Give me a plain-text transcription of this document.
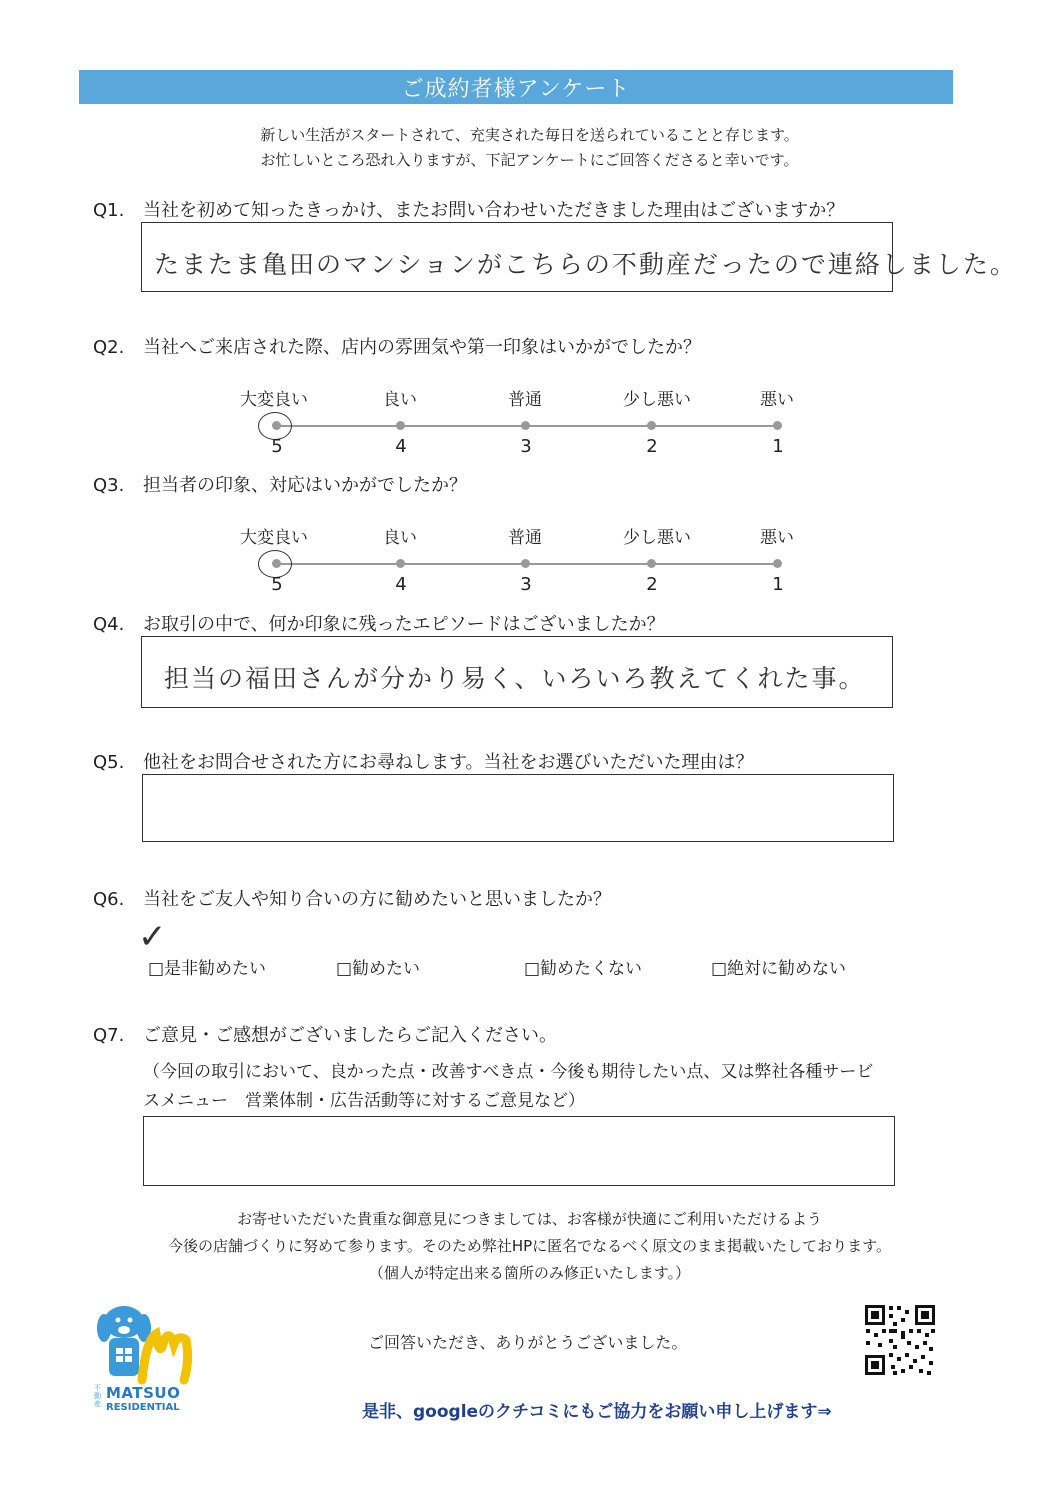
ご成約者様アンケート
新しい生活がスタートされて、充実された毎日を送られていることと存じます。
お忙しいところ恐れ入りますが、下記アンケートにご回答くださると幸いです。
Q1. 当社を初めて知ったきっかけ、またお問い合わせいただきました理由はございますか？
たまたま亀田のマンションがこちらの不動産だったので連絡しました。
Q2. 当社へご来店された際、店内の雰囲気や第一印象はいかがでしたか？
大変良い	良い	普通	少し悪い	悪い
5	4	3	2	1
Q3. 担当者の印象、対応はいかがでしたか？
大変良い	良い	普通	少し悪い	悪い
5	4	3	2	1
Q4. お取引の中で、何か印象に残ったエピソードはございましたか？
担当の福田さんが分かり易く、いろいろ教えてくれた事。
Q5. 他社をお問合せされた方にお尋ねします。当社をお選びいただいた理由は？
Q6. 当社をご友人や知り合いの方に勧めたいと思いましたか？
✓
□是非勧めたい	□勧めたい	□勧めたくない	□絶対に勧めない
Q7. ご意見・ご感想がございましたらご記入ください。
（今回の取引において、良かった点・改善すべき点・今後も期待したい点、又は弊社各種サービ
スメニュー　営業体制・広告活動等に対するご意見など）
お寄せいただいた貴重な御意見につきましては、お客様が快適にご利用いただけるよう
今後の店舗づくりに努めて参ります。そのため弊社HPに匿名でなるべく原文のまま掲載いたしております。
（個人が特定出来る箇所のみ修正いたします。）
不動産
MATSUO
RESIDENTIAL
ご回答いただき、ありがとうございました。
是非、googleのクチコミにもご協力をお願い申し上げます⇒
